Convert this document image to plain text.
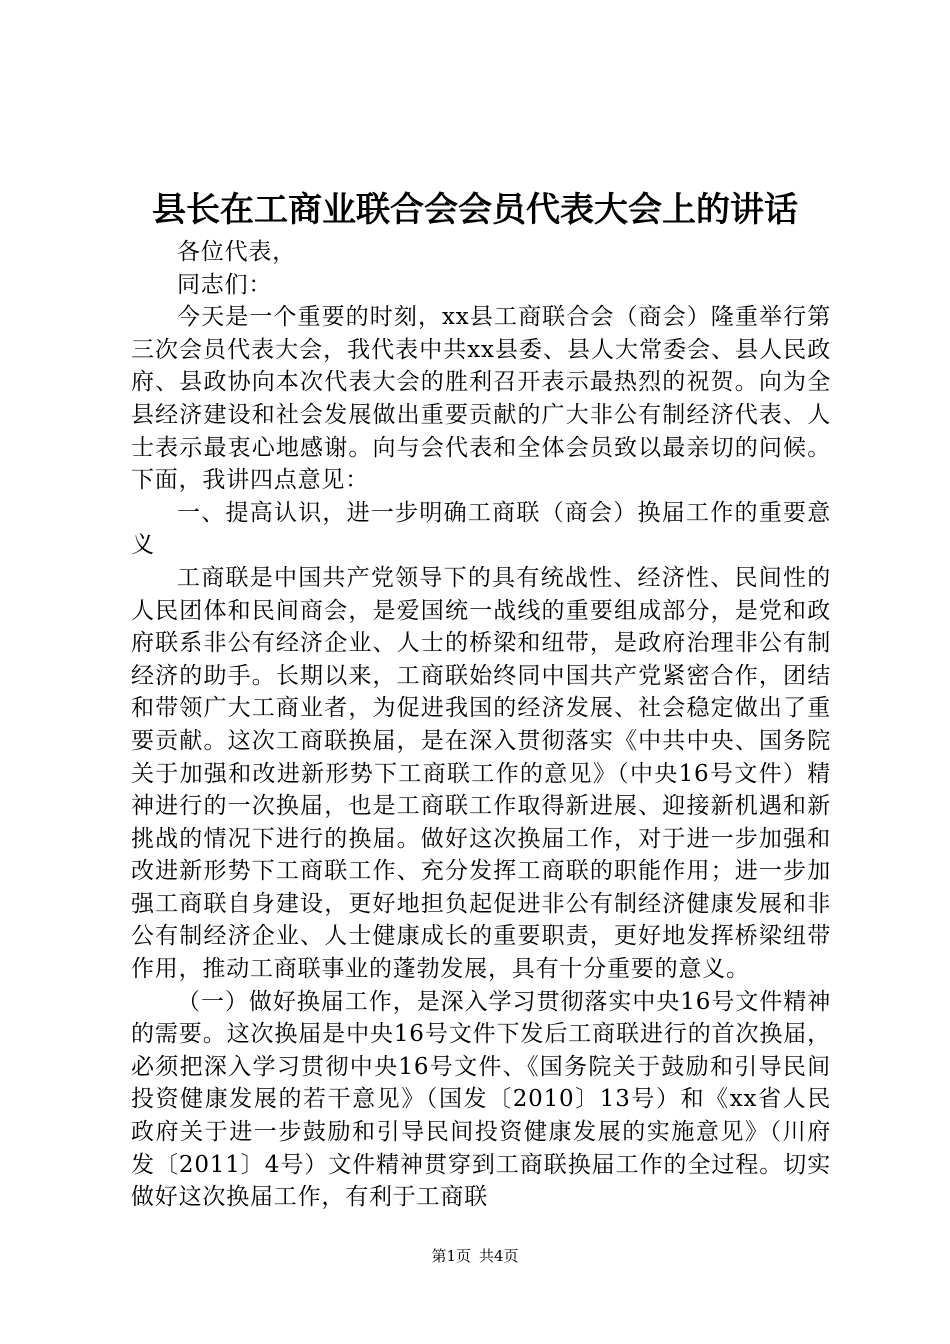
县长在工商业联合会会员代表大会上的讲话

各位代表，

同志们：

今天是一个重要的时刻，xx县工商联合会（商会）隆重举行第三次会员代表大会，我代表中共xx县委、县人大常委会、县人民政府、县政协向本次代表大会的胜利召开表示最热烈的祝贺。向为全县经济建设和社会发展做出重要贡献的广大非公有制经济代表、人士表示最衷心地感谢。向与会代表和全体会员致以最亲切的问候。下面，我讲四点意见：

一、提高认识，进一步明确工商联（商会）换届工作的重要意义

工商联是中国共产党领导下的具有统战性、经济性、民间性的人民团体和民间商会，是爱国统一战线的重要组成部分，是党和政府联系非公有经济企业、人士的桥梁和纽带，是政府治理非公有制经济的助手。长期以来，工商联始终同中国共产党紧密合作，团结和带领广大工商业者，为促进我国的经济发展、社会稳定做出了重要贡献。这次工商联换届，是在深入贯彻落实《中共中央、国务院关于加强和改进新形势下工商联工作的意见》（中央16号文件）精神进行的一次换届，也是工商联工作取得新进展、迎接新机遇和新挑战的情况下进行的换届。做好这次换届工作，对于进一步加强和改进新形势下工商联工作、充分发挥工商联的职能作用；进一步加强工商联自身建设，更好地担负起促进非公有制经济健康发展和非公有制经济企业、人士健康成长的重要职责，更好地发挥桥梁纽带作用，推动工商联事业的蓬勃发展，具有十分重要的意义。

（一）做好换届工作，是深入学习贯彻落实中央16号文件精神的需要。这次换届是中央16号文件下发后工商联进行的首次换届，必须把深入学习贯彻中央16号文件、《国务院关于鼓励和引导民间投资健康发展的若干意见》（国发〔2010〕13号）和《xx省人民政府关于进一步鼓励和引导民间投资健康发展的实施意见》（川府发〔2011〕4号）文件精神贯穿到工商联换届工作的全过程。切实做好这次换届工作，有利于工商联

第1页 共4页
